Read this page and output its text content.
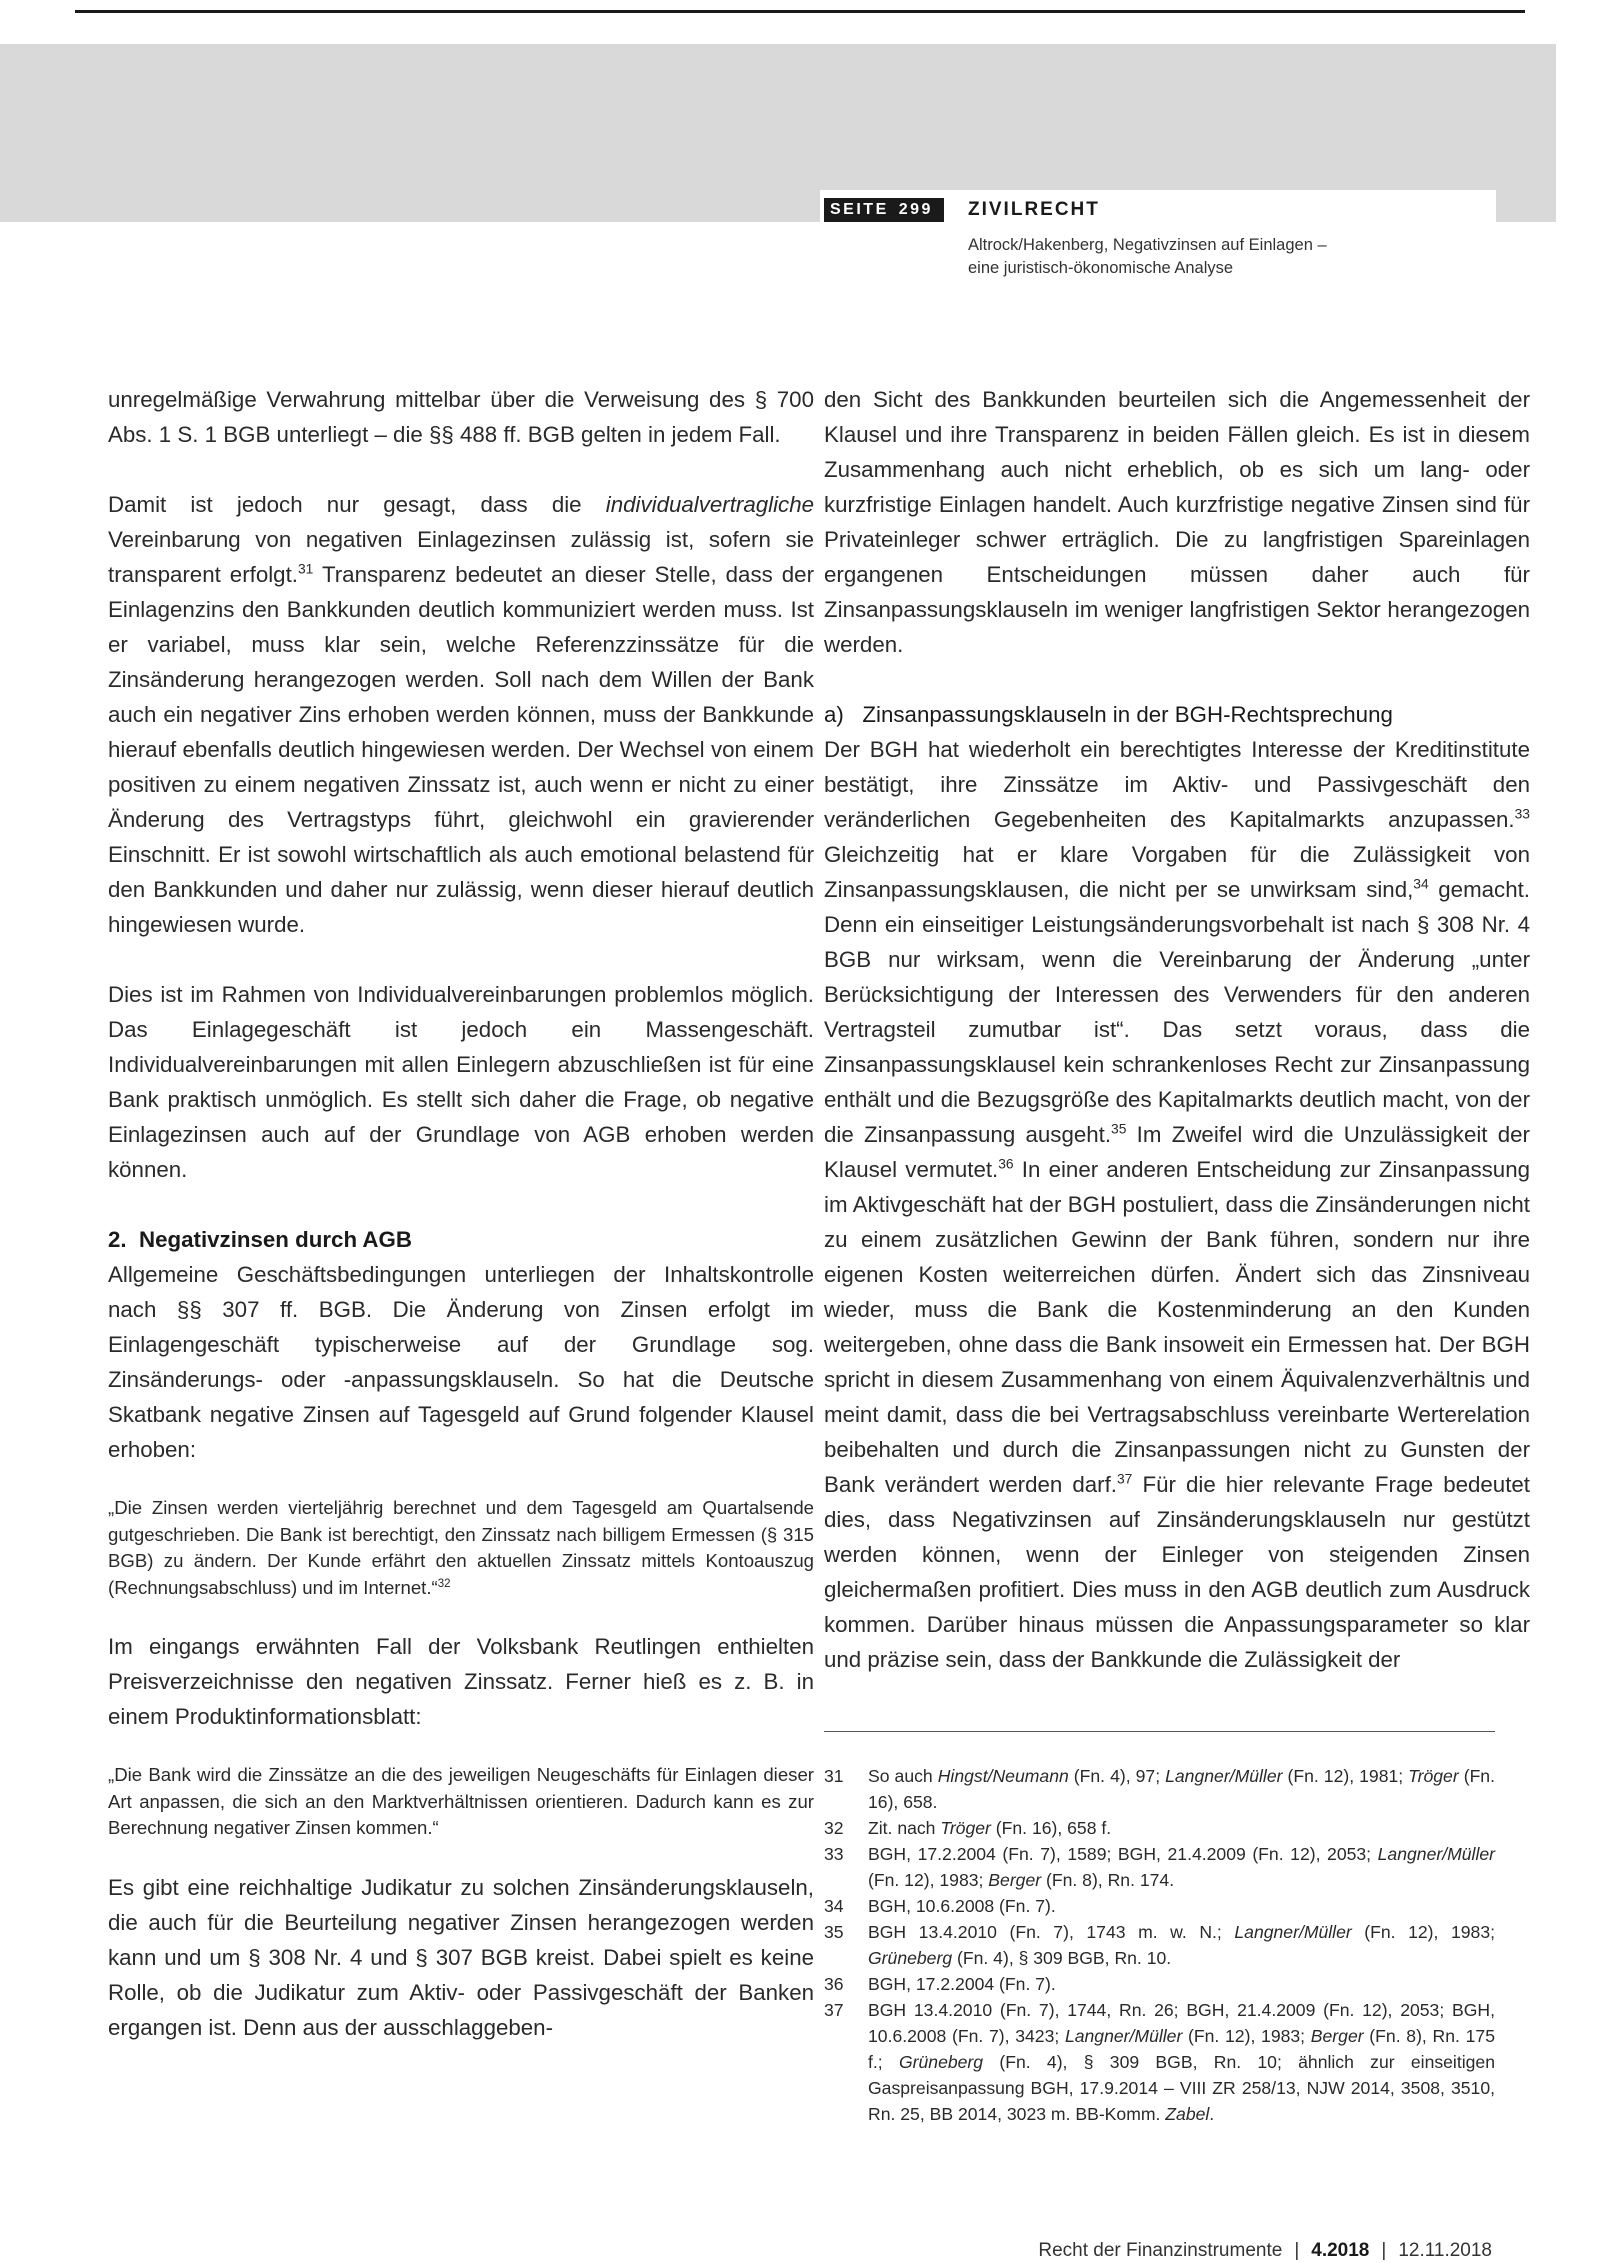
SEITE 299	ZIVILRECHT
Altrock/Hakenberg, Negativzinsen auf Einlagen –
eine juristisch-ökonomische Analyse

unregelmäßige Verwahrung mittelbar über die Verweisung des § 700 Abs. 1 S. 1 BGB unterliegt – die §§ 488 ff. BGB gelten in jedem Fall.

Damit ist jedoch nur gesagt, dass die individualvertragliche Vereinbarung von negativen Einlagezinsen zulässig ist, sofern sie transparent erfolgt.$^{31}$ Transparenz bedeutet an dieser Stelle, dass der Einlagenzins den Bankkunden deutlich kommuniziert werden muss. Ist er variabel, muss klar sein, welche Referenzzinssätze für die Zinsänderung herangezogen werden. Soll nach dem Willen der Bank auch ein negativer Zins erhoben werden können, muss der Bankkunde hierauf ebenfalls deutlich hingewiesen werden. Der Wechsel von einem positiven zu einem negativen Zinssatz ist, auch wenn er nicht zu einer Änderung des Vertragstyps führt, gleichwohl ein gravierender Einschnitt. Er ist sowohl wirtschaftlich als auch emotional belastend für den Bankkunden und daher nur zulässig, wenn dieser hierauf deutlich hingewiesen wurde.

Dies ist im Rahmen von Individualvereinbarungen problemlos möglich. Das Einlagegeschäft ist jedoch ein Massengeschäft. Individualvereinbarungen mit allen Einlegern abzuschließen ist für eine Bank praktisch unmöglich. Es stellt sich daher die Frage, ob negative Einlagezinsen auch auf der Grundlage von AGB erhoben werden können.

2. Negativzinsen durch AGB

Allgemeine Geschäftsbedingungen unterliegen der Inhaltskontrolle nach §§ 307 ff. BGB. Die Änderung von Zinsen erfolgt im Einlagengeschäft typischerweise auf der Grundlage sog. Zinsänderungs- oder -anpassungsklauseln. So hat die Deutsche Skatbank negative Zinsen auf Tagesgeld auf Grund folgender Klausel erhoben:

„Die Zinsen werden vierteljährig berechnet und dem Tagesgeld am Quartalsende gutgeschrieben. Die Bank ist berechtigt, den Zinssatz nach billigem Ermessen (§ 315 BGB) zu ändern. Der Kunde erfährt den aktuellen Zinssatz mittels Kontoauszug (Rechnungsabschluss) und im Internet.“$^{32}$

Im eingangs erwähnten Fall der Volksbank Reutlingen enthielten Preisverzeichnisse den negativen Zinssatz. Ferner hieß es z. B. in einem Produktinformationsblatt:

„Die Bank wird die Zinssätze an die des jeweiligen Neugeschäfts für Einlagen dieser Art anpassen, die sich an den Marktverhältnissen orientieren. Dadurch kann es zur Berechnung negativer Zinsen kommen.“

Es gibt eine reichhaltige Judikatur zu solchen Zinsänderungsklauseln, die auch für die Beurteilung negativer Zinsen herangezogen werden kann und um § 308 Nr. 4 und § 307 BGB kreist. Dabei spielt es keine Rolle, ob die Judikatur zum Aktiv- oder Passivgeschäft der Banken ergangen ist. Denn aus der ausschlaggeben-

den Sicht des Bankkunden beurteilen sich die Angemessenheit der Klausel und ihre Transparenz in beiden Fällen gleich. Es ist in diesem Zusammenhang auch nicht erheblich, ob es sich um lang- oder kurzfristige Einlagen handelt. Auch kurzfristige negative Zinsen sind für Privateinleger schwer erträglich. Die zu langfristigen Spareinlagen ergangenen Entscheidungen müssen daher auch für Zinsanpassungsklauseln im weniger langfristigen Sektor herangezogen werden.

a) Zinsanpassungsklauseln in der BGH-Rechtsprechung

Der BGH hat wiederholt ein berechtigtes Interesse der Kreditinstitute bestätigt, ihre Zinssätze im Aktiv- und Passivgeschäft den veränderlichen Gegebenheiten des Kapitalmarkts anzupassen.$^{33}$ Gleichzeitig hat er klare Vorgaben für die Zulässigkeit von Zinsanpassungsklausen, die nicht per se unwirksam sind,$^{34}$ gemacht. Denn ein einseitiger Leistungsänderungsvorbehalt ist nach § 308 Nr. 4 BGB nur wirksam, wenn die Vereinbarung der Änderung „unter Berücksichtigung der Interessen des Verwenders für den anderen Vertragsteil zumutbar ist“. Das setzt voraus, dass die Zinsanpassungsklausel kein schrankenloses Recht zur Zinsanpassung enthält und die Bezugsgröße des Kapitalmarkts deutlich macht, von der die Zinsanpassung ausgeht.$^{35}$ Im Zweifel wird die Unzulässigkeit der Klausel vermutet.$^{36}$ In einer anderen Entscheidung zur Zinsanpassung im Aktivgeschäft hat der BGH postuliert, dass die Zinsänderungen nicht zu einem zusätzlichen Gewinn der Bank führen, sondern nur ihre eigenen Kosten weiterreichen dürfen. Ändert sich das Zinsniveau wieder, muss die Bank die Kostenminderung an den Kunden weitergeben, ohne dass die Bank insoweit ein Ermessen hat. Der BGH spricht in diesem Zusammenhang von einem Äquivalenzverhältnis und meint damit, dass die bei Vertragsabschluss vereinbarte Werterelation beibehalten und durch die Zinsanpassungen nicht zu Gunsten der Bank verändert werden darf.$^{37}$ Für die hier relevante Frage bedeutet dies, dass Negativzinsen auf Zinsänderungsklauseln nur gestützt werden können, wenn der Einleger von steigenden Zinsen gleichermaßen profitiert. Dies muss in den AGB deutlich zum Ausdruck kommen. Darüber hinaus müssen die Anpassungsparameter so klar und präzise sein, dass der Bankkunde die Zulässigkeit der

31	So auch Hingst/Neumann (Fn. 4), 97; Langner/Müller (Fn. 12), 1981; Tröger (Fn. 16), 658.
32	Zit. nach Tröger (Fn. 16), 658 f.
33	BGH, 17.2.2004 (Fn. 7), 1589; BGH, 21.4.2009 (Fn. 12), 2053; Langner/Müller (Fn. 12), 1983; Berger (Fn. 8), Rn. 174.
34	BGH, 10.6.2008 (Fn. 7).
35	BGH 13.4.2010 (Fn. 7), 1743 m. w. N.; Langner/Müller (Fn. 12), 1983; Grüneberg (Fn. 4), § 309 BGB, Rn. 10.
36	BGH, 17.2.2004 (Fn. 7).
37	BGH 13.4.2010 (Fn. 7), 1744, Rn. 26; BGH, 21.4.2009 (Fn. 12), 2053; BGH, 10.6.2008 (Fn. 7), 3423; Langner/Müller (Fn. 12), 1983; Berger (Fn. 8), Rn. 175 f.; Grüneberg (Fn. 4), § 309 BGB, Rn. 10; ähnlich zur einseitigen Gaspreisanpassung BGH, 17.9.2014 – VIII ZR 258/13, NJW 2014, 3508, 3510, Rn. 25, BB 2014, 3023 m. BB-Komm. Zabel.
Recht der Finanzinstrumente | 4.2018 | 12.11.2018
